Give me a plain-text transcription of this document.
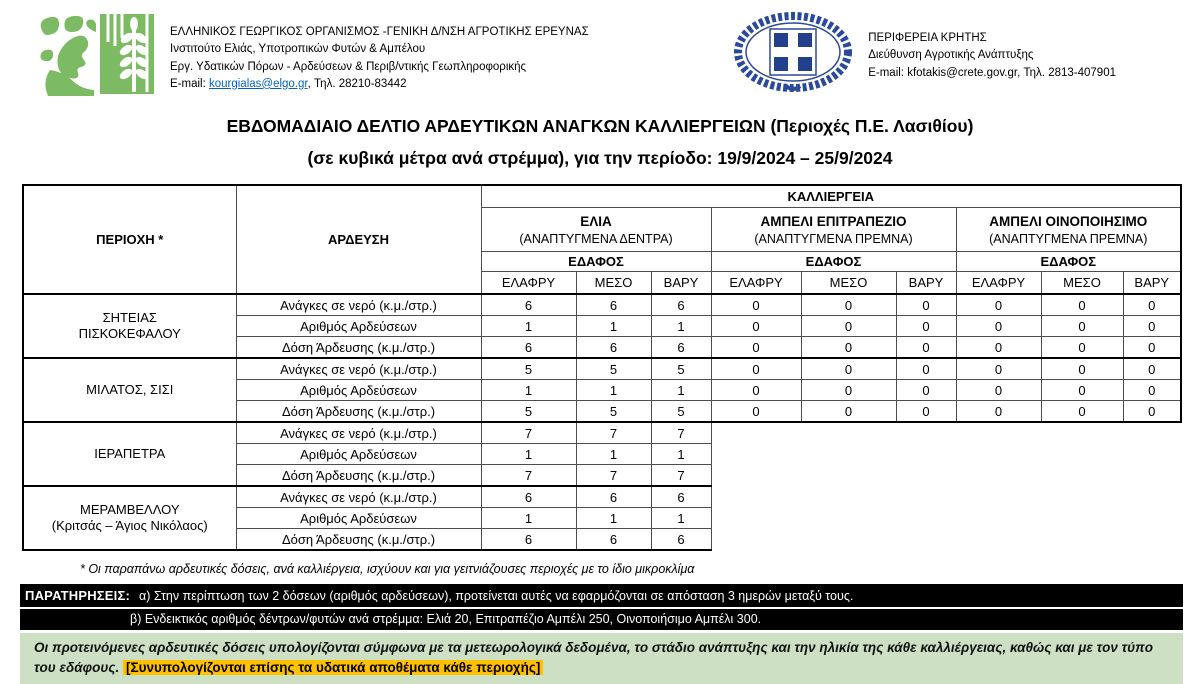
ΕΛΛΗΝΙΚΟΣ ΓΕΩΡΓΙΚΟΣ ΟΡΓΑΝΙΣΜΟΣ -ΓΕΝΙΚΗ Δ/ΝΣΗ ΑΓΡΟΤΙΚΗΣ ΕΡΕΥΝΑΣ
Ινστιτούτο Ελιάς, Υποτροπικών Φυτών & Αμπέλου
Εργ. Υδατικών Πόρων - Αρδεύσεων & Περιβ/ντικής Γεωπληροφορικής
E-mail: kourgialas@elgo.gr, Τηλ. 28210-83442
ΠΕΡΙΦΕΡΕΙΑ ΚΡΗΤΗΣ
Διεύθυνση Αγροτικής Ανάπτυξης
E-mail: kfotakis@crete.gov.gr, Τηλ. 2813-407901
ΕΒΔΟΜΑΔΙΑΙΟ ΔΕΛΤΙΟ ΑΡΔΕΥΤΙΚΩΝ ΑΝΑΓΚΩΝ ΚΑΛΛΙΕΡΓΕΙΩΝ (Περιοχές Π.Ε. Λασιθίου)
(σε κυβικά μέτρα ανά στρέμμα), για την περίοδο: 19/9/2024 – 25/9/2024
ΠΕΡΙΟΧΗ *	ΑΡΔΕΥΣΗ	ΚΑΛΛΙΕΡΓΕΙΑ								

ΕΛΙΑ
(ΑΝΑΠΤΥΓΜΕΝΑ ΔΕΝΤΡΑ)

ΑΜΠΕΛΙ ΕΠΙΤΡΑΠΕΖΙΟ
(ΑΝΑΠΤΥΓΜΕΝΑ ΠΡΕΜΝΑ)

ΑΜΠΕΛΙ ΟΙΝΟΠΟΙΗΣΙΜΟ
(ΑΝΑΠΤΥΓΜΕΝΑ ΠΡΕΜΝΑ)

		ΕΔΑΦΟΣ			ΕΔΑΦΟΣ			ΕΔΑΦΟΣ		
		ΕΛΑΦΡΥ	ΜΕΣΟ	ΒΑΡΥ	ΕΛΑΦΡΥ	ΜΕΣΟ	ΒΑΡΥ	ΕΛΑΦΡΥ	ΜΕΣΟ	ΒΑΡΥ
ΣΗΤΕΙΑΣ
ΠΙΣΚΟΚΕΦΑΛΟΥ	Ανάγκες σε νερό (κ.μ./στρ.)	6	6	6	0	0	0	0	0	0
	Αριθμός Αρδεύσεων	1	1	1	0	0	0	0	0	0
	Δόση Άρδευσης (κ.μ./στρ.)	6	6	6	0	0	0	0	0	0
ΜΙΛΑΤΟΣ, ΣΙΣΙ	Ανάγκες σε νερό (κ.μ./στρ.)	5	5	5	0	0	0	0	0	0
	Αριθμός Αρδεύσεων	1	1	1	0	0	0	0	0	0
	Δόση Άρδευσης (κ.μ./στρ.)	5	5	5	0	0	0	0	0	0
ΙΕΡΑΠΕΤΡΑ	Ανάγκες σε νερό (κ.μ./στρ.)	7	7	7						
	Αριθμός Αρδεύσεων	1	1	1						
	Δόση Άρδευσης (κ.μ./στρ.)	7	7	7						
ΜΕΡΑΜΒΕΛΛΟΥ
(Κριτσάς – Άγιος Νικόλαος)	Ανάγκες σε νερό (κ.μ./στρ.)	6	6	6						
	Αριθμός Αρδεύσεων	1	1	1						
	Δόση Άρδευσης (κ.μ./στρ.)	6	6	6						
* Οι παραπάνω αρδευτικές δόσεις, ανά καλλιέργεια, ισχύουν και για γειτνιάζουσες περιοχές με το ίδιο μικροκλίμα
ΠΑΡΑΤΗΡΗΣΕΙΣ: α) Στην περίπτωση των 2 δόσεων (αριθμός αρδεύσεων), προτείνεται αυτές να εφαρμόζονται σε απόσταση 3 ημερών μεταξύ τους.
β) Ενδεικτικός αριθμός δέντρων/φυτών ανά στρέμμα: Ελιά 20, Επιτραπέζιο Αμπέλι 250, Οινοποιήσιμο Αμπέλι 300.
Οι προτεινόμενες αρδευτικές δόσεις υπολογίζονται σύμφωνα με τα μετεωρολογικά δεδομένα, το στάδιο ανάπτυξης και την ηλικία της κάθε καλλιέργειας, καθώς και με τον τύπο του εδάφους. [Συνυπολογίζονται επίσης τα υδατικά αποθέματα κάθε περιοχής]
